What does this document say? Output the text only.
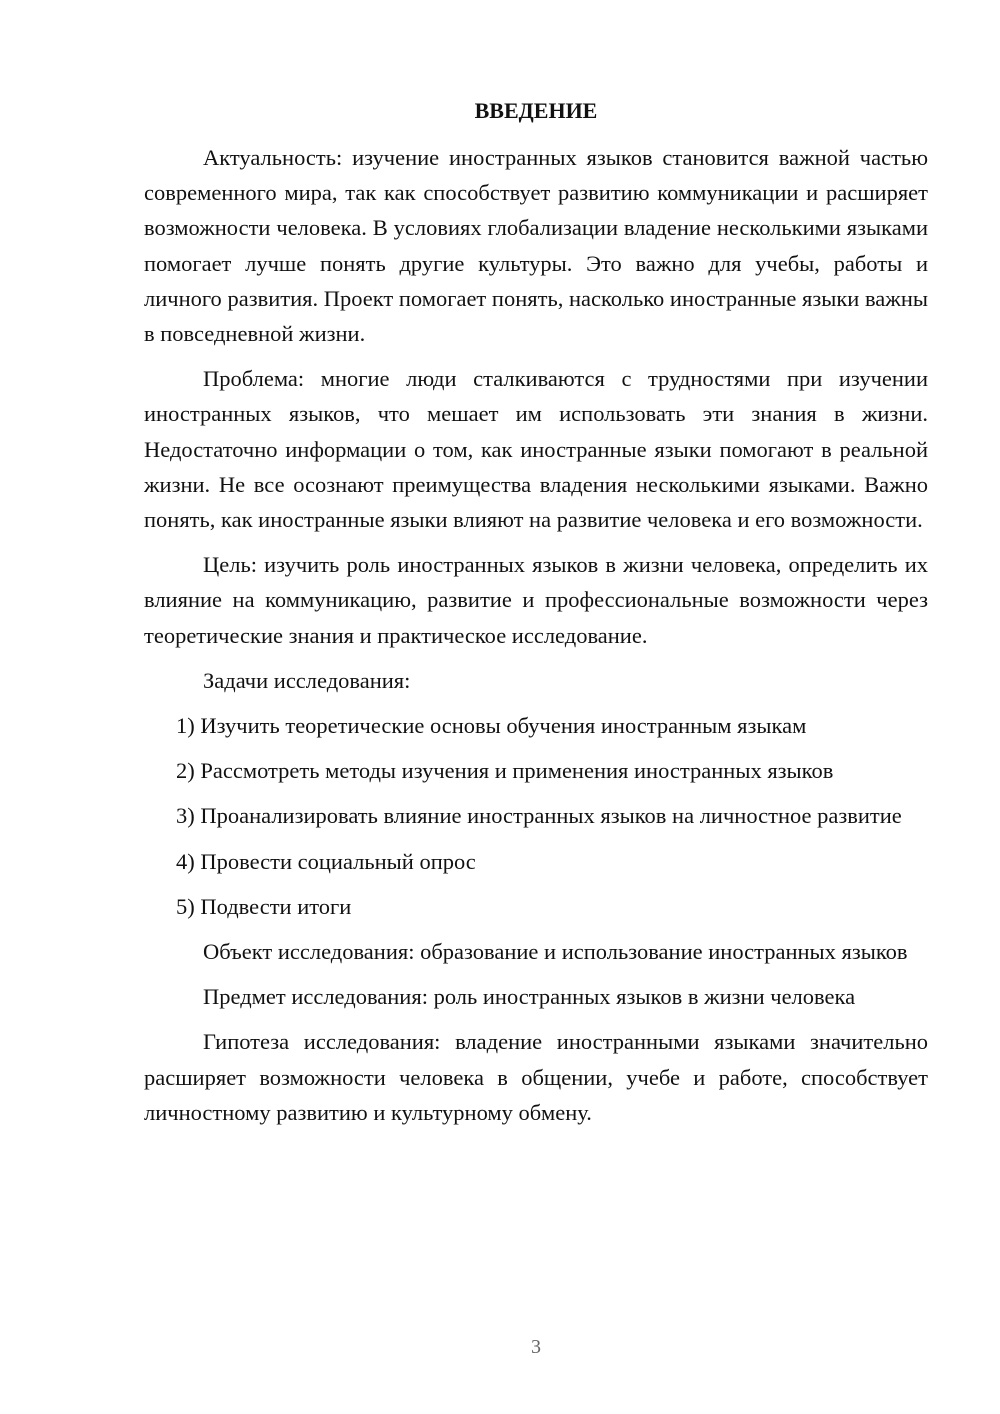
ВВЕДЕНИЕ

Актуальность: изучение иностранных языков становится важной частью современного мира, так как способствует развитию коммуникации и расширяет возможности человека. В условиях глобализации владение несколькими языками помогает лучше понять другие культуры. Это важно для учебы, работы и личного развития. Проект помогает понять, насколько иностранные языки важны в повседневной жизни.

Проблема: многие люди сталкиваются с трудностями при изучении иностранных языков, что мешает им использовать эти знания в жизни. Недостаточно информации о том, как иностранные языки помогают в реальной жизни. Не все осознают преимущества владения несколькими языками. Важно понять, как иностранные языки влияют на развитие человека и его возможности.

Цель: изучить роль иностранных языков в жизни человека, определить их влияние на коммуникацию, развитие и профессиональные возможности через теоретические знания и практическое исследование.

Задачи исследования:

1) Изучить теоретические основы обучения иностранным языкам

2) Рассмотреть методы изучения и применения иностранных языков

3) Проанализировать влияние иностранных языков на личностное развитие

4) Провести социальный опрос

5) Подвести итоги

Объект исследования: образование и использование иностранных языков

Предмет исследования: роль иностранных языков в жизни человека

Гипотеза исследования: владение иностранными языками значительно расширяет возможности человека в общении, учебе и работе, способствует личностному развитию и культурному обмену.

3
